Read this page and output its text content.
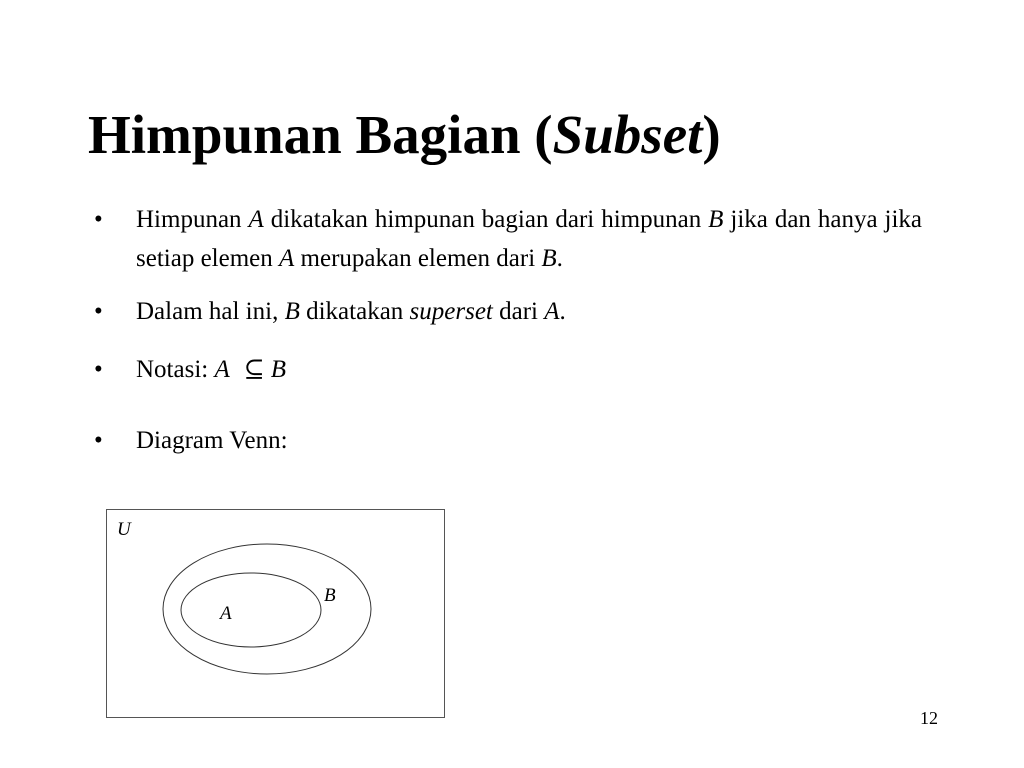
Himpunan Bagian (Subset)
• Himpunan A dikatakan himpunan bagian dari himpunan B jika dan hanya jika setiap elemen A merupakan elemen dari B.
• Dalam hal ini, B dikatakan superset dari A.
• Notasi: A ⊆ B
• Diagram Venn:
U
B
A
12
